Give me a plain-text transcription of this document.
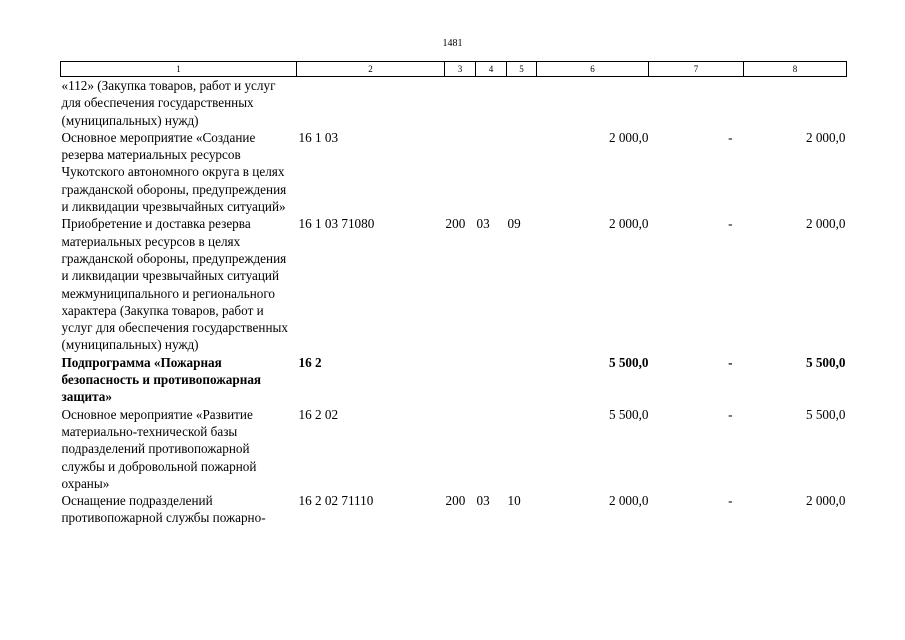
1481
1	2	3	4	5	6	7	8
«112» (Закупка товаров, работ и услуг для обеспечения государственных (муниципальных) нужд)							
Основное мероприятие «Создание резерва материальных ресурсов Чукотского автономного округа в целях гражданской обороны, предупреждения и ликвидации чрезвычайных ситуаций»	16 1 03				2 000,0	-	2 000,0
Приобретение и доставка резерва материальных ресурсов в целях гражданской обороны, предупреждения и ликвидации чрезвычайных ситуаций межмуниципального и регионального характера (Закупка товаров, работ и услуг для обеспечения государственных (муниципальных) нужд)	16 1 03 71080	200	03	09	2 000,0	-	2 000,0
Подпрограмма «Пожарная безопасность и противопожарная защита»	16 2				5 500,0	-	5 500,0
Основное мероприятие «Развитие материально-технической базы подразделений противопожарной службы и добровольной пожарной охраны»	16 2 02				5 500,0	-	5 500,0
Оснащение подразделений противопожарной службы пожарно-	16 2 02 71110	200	03	10	2 000,0	-	2 000,0
